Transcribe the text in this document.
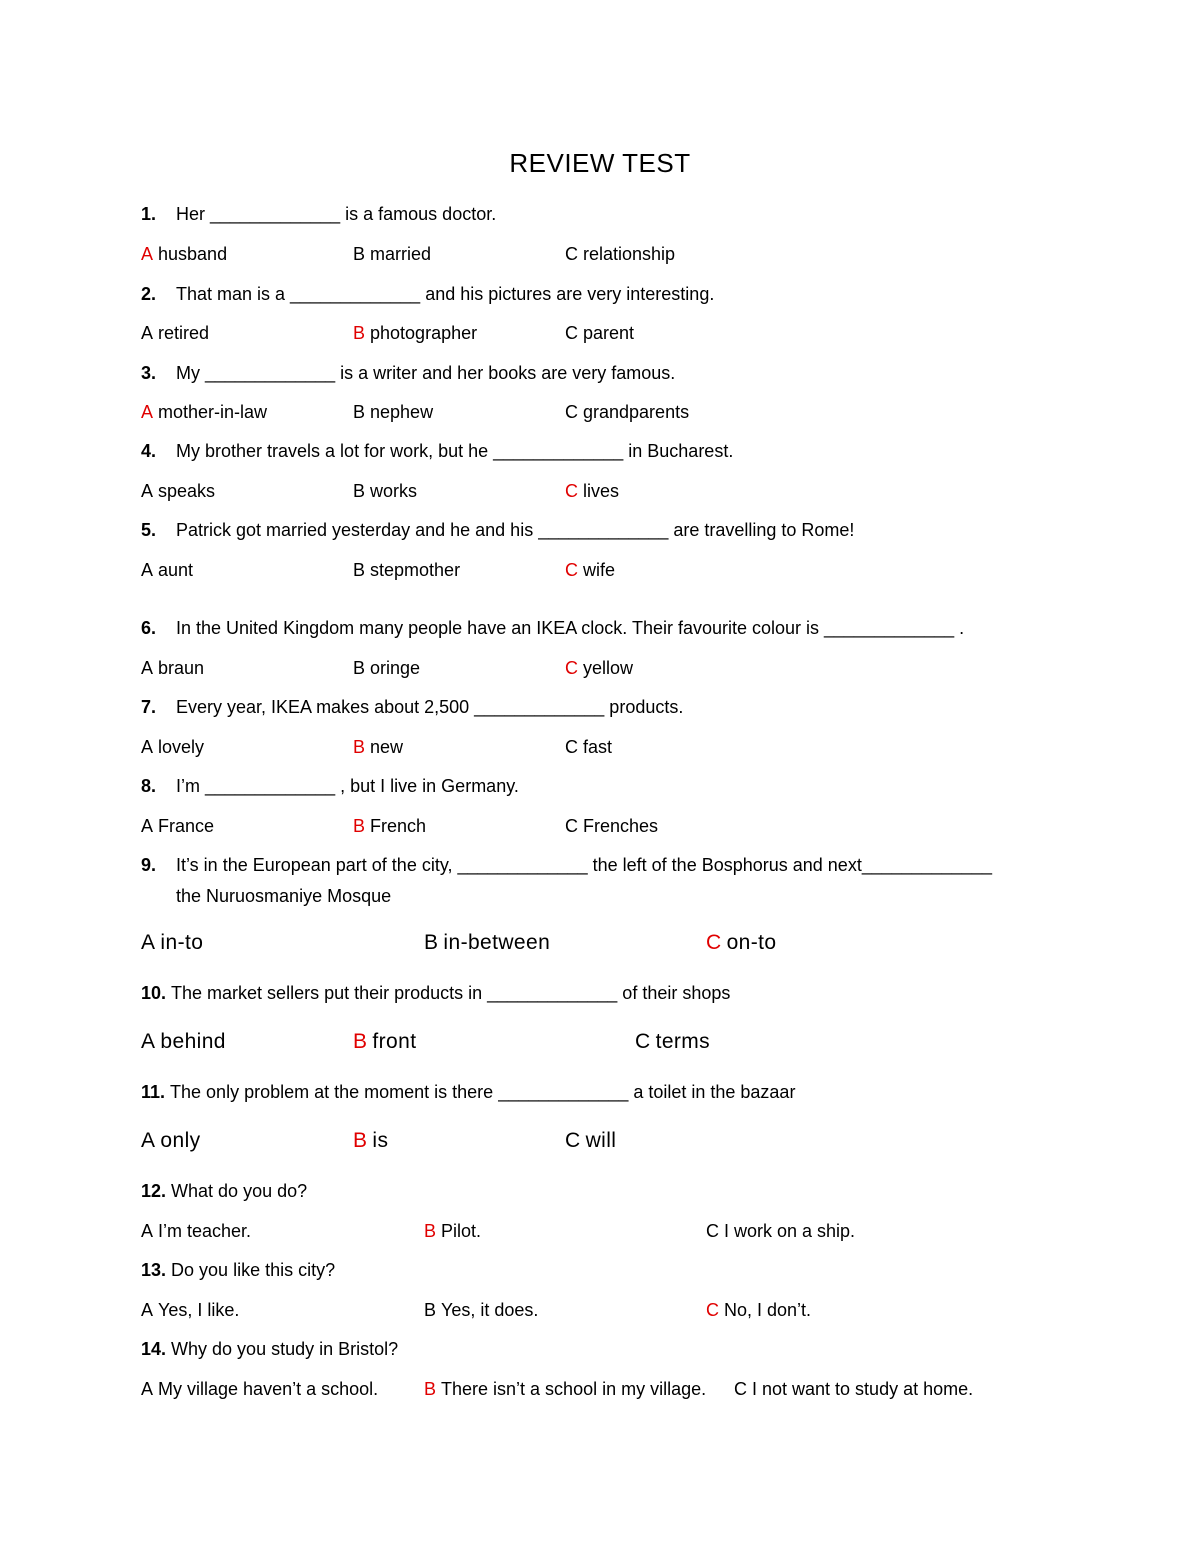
REVIEW TEST
1. Her _____________ is a famous doctor.
A husband	B married	C relationship
2. That man is a _____________ and his pictures are very interesting.
A retired	B photographer	C parent
3. My _____________ is a writer and her books are very famous.
A mother-in-law	B nephew	C grandparents
4. My brother travels a lot for work, but he _____________ in Bucharest.
A speaks	B works	C lives
5. Patrick got married yesterday and he and his _____________ are travelling to Rome!
A aunt	B stepmother	C wife
6. In the United Kingdom many people have an IKEA clock. Their favourite colour is _____________ .
A braun	B oringe	C yellow
7. Every year, IKEA makes about 2,500 _____________ products.
A lovely	B new	C fast
8. I’m _____________ , but I live in Germany.
A France	B French	C Frenches
9. It’s in the European part of the city, _____________ the left of the Bosphorus and next_____________
the Nuruosmaniye Mosque
A in-to	B in-between	C on-to
10. The market sellers put their products in _____________ of their shops
A behind	B front	C terms
11. The only problem at the moment is there _____________ a toilet in the bazaar
A only	B is	C will
12. What do you do?
A I’m teacher.	B Pilot.	C I work on a ship.
13. Do you like this city?
A Yes, I like.	B Yes, it does.	C No, I don’t.
14. Why do you study in Bristol?
A My village haven’t a school.	B There isn’t a school in my village. C I not want to study at home.
